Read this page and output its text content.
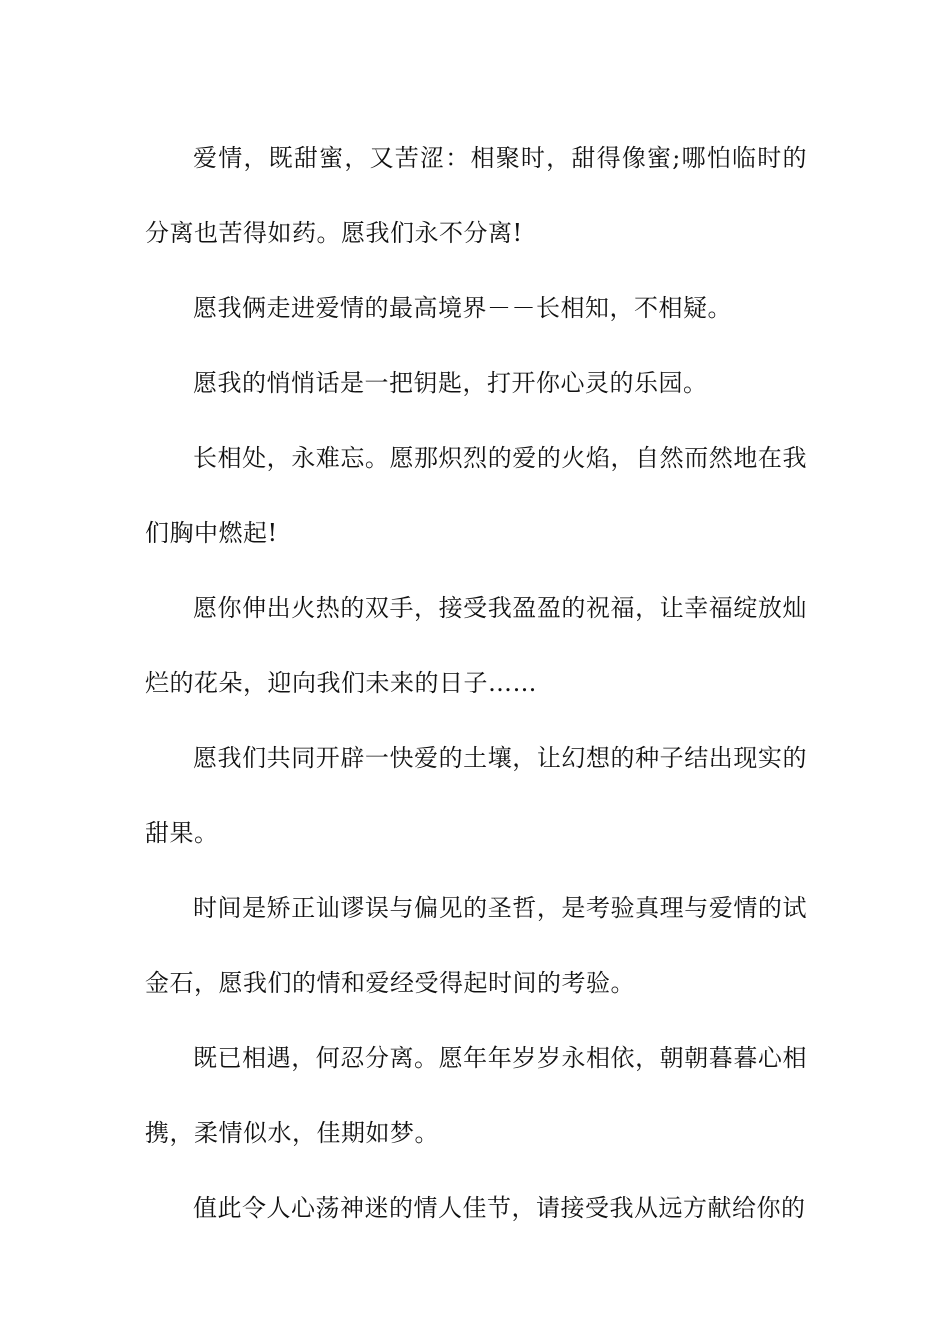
爱情，既甜蜜，又苦涩：相聚时，甜得像蜜;哪怕临时的分离也苦得如药。愿我们永不分离!

愿我俩走进爱情的最高境界－－长相知，不相疑。

愿我的悄悄话是一把钥匙，打开你心灵的乐园。

长相处，永难忘。愿那炽烈的爱的火焰，自然而然地在我们胸中燃起!

愿你伸出火热的双手，接受我盈盈的祝福，让幸福绽放灿烂的花朵，迎向我们未来的日子……

愿我们共同开辟一快爱的土壤，让幻想的种子结出现实的甜果。

时间是矫正讪谬误与偏见的圣哲，是考验真理与爱情的试金石，愿我们的情和爱经受得起时间的考验。

既已相遇，何忍分离。愿年年岁岁永相依，朝朝暮暮心相携，柔情似水，佳期如梦。

值此令人心荡神迷的情人佳节，请接受我从远方献给你的
